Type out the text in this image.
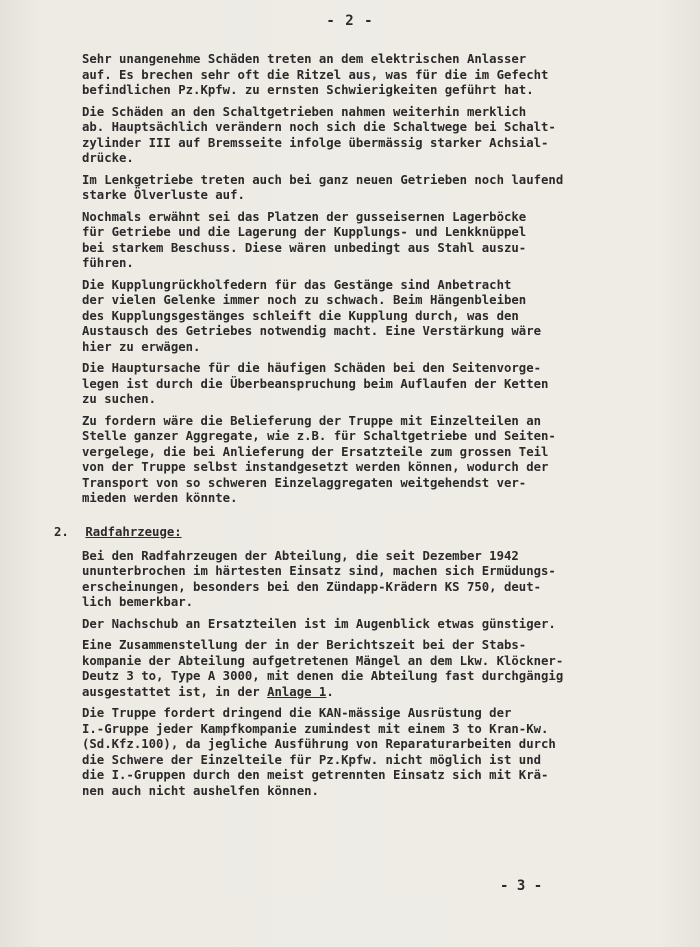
- 2 -
Sehr unangenehme Schäden treten an dem elektrischen Anlasser
auf. Es brechen sehr oft die Ritzel aus, was für die im Gefecht
befindlichen Pz.Kpfw. zu ernsten Schwierigkeiten geführt hat.
Die Schäden an den Schaltgetrieben nahmen weiterhin merklich
ab. Hauptsächlich verändern noch sich die Schaltwege bei Schalt-
zylinder III auf Bremsseite infolge übermässig starker Achsial-
drücke.
Im Lenkgetriebe treten auch bei ganz neuen Getrieben noch laufend
starke Ölverluste auf.
Nochmals erwähnt sei das Platzen der gusseisernen Lagerböcke
für Getriebe und die Lagerung der Kupplungs- und Lenkknüppel
bei starkem Beschuss. Diese wären unbedingt aus Stahl auszu-
führen.
Die Kupplungrückholfedern für das Gestänge sind Anbetracht
der vielen Gelenke immer noch zu schwach. Beim Hängenbleiben
des Kupplungsgestänges schleift die Kupplung durch, was den
Austausch des Getriebes notwendig macht. Eine Verstärkung wäre
hier zu erwägen.
Die Hauptursache für die häufigen Schäden bei den Seitenvorge-
legen ist durch die Überbeanspruchung beim Auflaufen der Ketten
zu suchen.
Zu fordern wäre die Belieferung der Truppe mit Einzelteilen an
Stelle ganzer Aggregate, wie z.B. für Schaltgetriebe und Seiten-
vergelege, die bei Anlieferung der Ersatzteile zum grossen Teil
von der Truppe selbst instandgesetzt werden können, wodurch der
Transport von so schweren Einzelaggregaten weitgehendst ver-
mieden werden könnte.
2. Radfahrzeuge:
Bei den Radfahrzeugen der Abteilung, die seit Dezember 1942
ununterbrochen im härtesten Einsatz sind, machen sich Ermüdungs-
erscheinungen, besonders bei den Zündapp-Krädern KS 750, deut-
lich bemerkbar.
Der Nachschub an Ersatzteilen ist im Augenblick etwas günstiger.
Eine Zusammenstellung der in der Berichtszeit bei der Stabs-
kompanie der Abteilung aufgetretenen Mängel an dem Lkw. Klöckner-
Deutz 3 to, Type A 3000, mit denen die Abteilung fast durchgängig
ausgestattet ist, in der Anlage 1.
Die Truppe fordert dringend die KAN-mässige Ausrüstung der
I.-Gruppe jeder Kampfkompanie zumindest mit einem 3 to Kran-Kw.
(Sd.Kfz.100), da jegliche Ausführung von Reparaturarbeiten durch
die Schwere der Einzelteile für Pz.Kpfw. nicht möglich ist und
die I.-Gruppen durch den meist getrennten Einsatz sich mit Krä-
nen auch nicht aushelfen können.
- 3 -
